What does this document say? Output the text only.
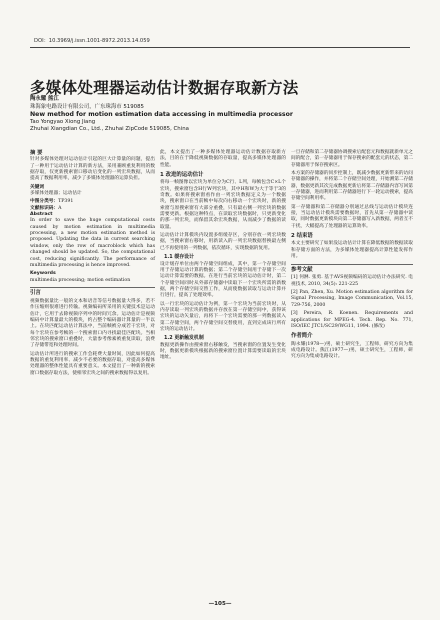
DOI：10.3969/j.issn.1001-8972.2013.14.059
多媒体处理器运动估计数据存取新方法
陶永耀 熊江
珠海象电路设计有限公司，广东珠海市 519085
New method for motion estimation data accessing in multimedia processor
Tao Yongyao Xiong Jiang
Zhuhai Xiangdian Co., Ltd., Zhuhai ZipCode 519085, China
摘 要

针对多媒体处理对运动估计引起的巨大计算量的问题，提出了一种用于运动估计计算的新方法，采用兼顾重复利用的数据存取，仅更新搜索窗口移动后变化的一列宏块数据，从而提高了数据利用率，减少了多媒体处理器的运算负担。

关键词

多媒体处理器；运动估计

中图分类号：TP391
文献标识码：A
Abstract

In order to save the huge computational costs caused by motion estimation in multimedia processing, a new motion estimation method is proposed. Updating the data in current searching window, only the row of macroblock which has changed should be updated. So, the computational cost, reducing significantly. The performance of multimedia processing is hence improved.

Keywords

multimedia processing; motion estimation

引言

视频数据量比一般的文本和语音等信号数据量大得多，若不作压缩则很难进行传输。视频编码所采用的关键技术是运动估计，它用于去除视频序列中的时间冗余。运动估计是视频编码中计算量最大的模块，约占整个编码器计算量的一半以上。在块匹配运动估计算法中，当前帧被分成若干宏块，对每个宏块在参考帧的一个搜索窗口内寻找最佳匹配块。当相邻宏块的搜索窗口重叠时，大量参考像素被重复读取，浪费了存储带宽和处理时间。

运动估计所进行的搜索工作会耗费大量时间，因此如何提高数据的重复利用率、减少不必要的数据存取，对提高多媒体处理器的整体性能具有重要意义。本文提出了一种新的搜索窗口数据存取方法，使相邻宏块之间的搜索数据得以复用。

此，本文提出了一种多媒体处理器运动估计数据存取新方法，目的在于降低视频数据的存取量，提高多媒体处理器的性能。

1 改进的运动估计

将每一帧图像以宏块为单位分为C行、L列，每帧包含C×L个宏块，搜索窗包含H行W列宏块，其中H和W为大于等于3的奇数。如果将搜索窗看作由一列宏块数据定义为一个数据块，搜索窗口在当前帧中每次向右移动一个宏块时，新的搜索窗与原搜索窗有大部分重叠，只有最右侧一列宏块的数据需要更新。根据这种特点，在读取宏块数据时，只更新变化的那一列宏块，而保留其余宏块数据，从而减少了数据的读取量。

运动估计计算模块内设置多组缓存区，分别存放一列宏块数据，当搜索窗右移时，用新读入的一列宏块数据替换最左侧已不再使用的一列数据，依次循环，实现数据的复用。

1.1 缓存设计

设计缓存单位由两个存储空间组成，其中，第一个存储空间用于存储运动计算的数据；第二个存储空间用于存储下一次运动计算需要的数据。在进行当前宏块的运动估计时，第二个存储空间同时从外部存储器中读取下一个宏块所需的新数据，两个存储空间交替工作，从而使数据读取与运动计算并行进行，提高了处理效率。

以一行宏块的运动估计为例，第一个宏块为当前宏块时，从内存读取一列宏块的数据并存放在第一存储空间中，获得该宏块的运动矢量后，再将下一个宏块需要的那一列数据读入第二存储空间，两个存储空间交替使用，直到完成该行所有宏块的运动估计。

1.2 更新触发机制

数据更新操作由搜索窗右移触发，当搜索窗的位置发生变化时，数据更新模块根据新的搜索窗位置计算需要读取的宏块地址。

一旦存储和第二存储器协调搜索后配套元和数据就新单元之间的配合，第一存储器用于保存搜索的配套元的状态，第二存储器用于保存搜索区。

本方案的存储器的同步控制上，既减少数据更新带来的访问存储器的操作，并将第二个存储空间处理，开始测第二存储器，数据更新其次完成数据更新后将第二存储器内容写回第一存储器，进而利用第二存储器进行下一轮运动搜索，提高存储空间利用率。

第一存储器和第二存储器分别通过总线与运动估计模块连接，当运动估计模块需要数据时，首先从第一存储器中读取，同时数据更新模块向第二存储器写入新数据，两者互不干扰，大幅提高了处理器的运算效率。

2 结束语

本文主要研究了如果没运动估计计算在降低数据的数据读取和存储方面的方法，为多媒体处理器提高计算性能发挥作用。

参考文献

[1] 何淋. 张勇. 基于AVS视频编码的运动估计办法研究. 电视技术, 2010, 34(5): 221-225

[2] Pan, Zhen, Xu. Motion estimation algorithm for Signal Processing, Image Communication, Vol.15, 729-756, 2000

[3] Pereira, R. Koenen. Requirements and applications for MPEG-4. Tech. Rep. No. 771, ISO/IEC JTC1/SC29/WG11, 1994. (修改)

作者简介

陶永耀(1978—)男，硕士研究生，工程师，研究方向为集成电路设计。熊江(1977—)男，硕士研究生，工程师，研究方向为集成电路设计。

—105—
